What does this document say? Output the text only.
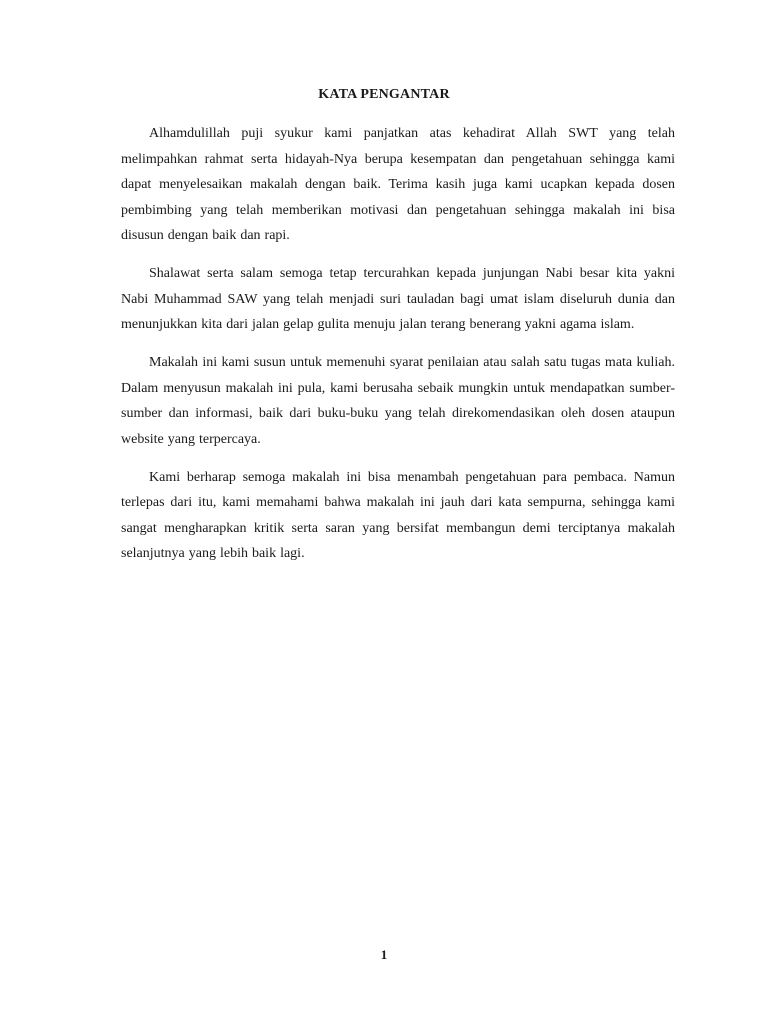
KATA PENGANTAR

Alhamdulillah puji syukur kami panjatkan atas kehadirat Allah SWT yang telah melimpahkan rahmat serta hidayah-Nya berupa kesempatan dan pengetahuan sehingga kami dapat menyelesaikan makalah dengan baik. Terima kasih juga kami ucapkan kepada dosen pembimbing yang telah memberikan motivasi dan pengetahuan sehingga makalah ini bisa disusun dengan baik dan rapi.

Shalawat serta salam semoga tetap tercurahkan kepada junjungan Nabi besar kita yakni Nabi Muhammad SAW yang telah menjadi suri tauladan bagi umat islam diseluruh dunia dan menunjukkan kita dari jalan gelap gulita menuju jalan terang benerang yakni agama islam.

Makalah ini kami susun untuk memenuhi syarat penilaian atau salah satu tugas mata kuliah. Dalam menyusun makalah ini pula, kami berusaha sebaik mungkin untuk mendapatkan sumber-sumber dan informasi, baik dari buku-buku yang telah direkomendasikan oleh dosen ataupun website yang terpercaya.

Kami berharap semoga makalah ini bisa menambah pengetahuan para pembaca. Namun terlepas dari itu, kami memahami bahwa makalah ini jauh dari kata sempurna, sehingga kami sangat mengharapkan kritik serta saran yang bersifat membangun demi terciptanya makalah selanjutnya yang lebih baik lagi.

1
